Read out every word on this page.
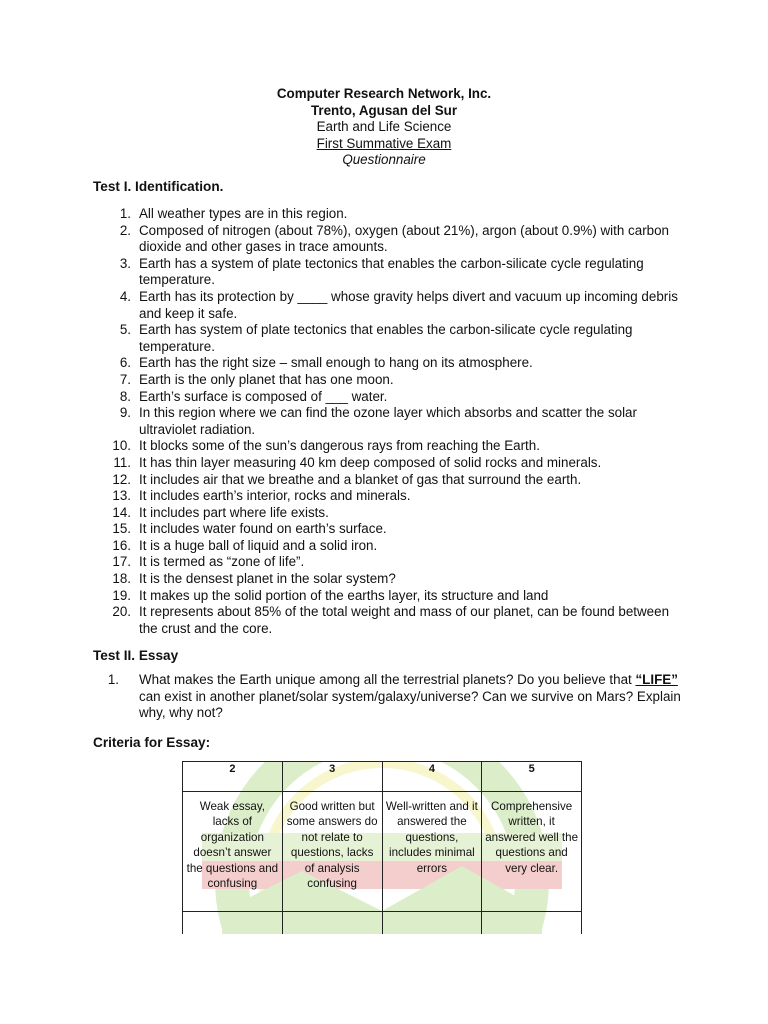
Computer Research Network, Inc.
Trento, Agusan del Sur
Earth and Life Science
First Summative Exam
Questionnaire
Test I. Identification.
1. All weather types are in this region.
2. Composed of nitrogen (about 78%), oxygen (about 21%), argon (about 0.9%) with carbon dioxide and other gases in trace amounts.
3. Earth has a system of plate tectonics that enables the carbon-silicate cycle regulating temperature.
4. Earth has its protection by ____ whose gravity helps divert and vacuum up incoming debris and keep it safe.
5. Earth has system of plate tectonics that enables the carbon-silicate cycle regulating temperature.
6. Earth has the right size – small enough to hang on its atmosphere.
7. Earth is the only planet that has one moon.
8. Earth’s surface is composed of ___ water.
9. In this region where we can find the ozone layer which absorbs and scatter the solar ultraviolet radiation.
10. It blocks some of the sun’s dangerous rays from reaching the Earth.
11. It has thin layer measuring 40 km deep composed of solid rocks and minerals.
12. It includes air that we breathe and a blanket of gas that surround the earth.
13. It includes earth’s interior, rocks and minerals.
14. It includes part where life exists.
15. It includes water found on earth’s surface.
16. It is a huge ball of liquid and a solid iron.
17. It is termed as “zone of life”.
18. It is the densest planet in the solar system?
19. It makes up the solid portion of the earths layer, its structure and land
20. It represents about 85% of the total weight and mass of our planet, can be found between the crust and the core.
Test II. Essay
1.	What makes the Earth unique among all the terrestrial planets? Do you believe that “LIFE” can exist in another planet/solar system/galaxy/universe? Can we survive on Mars? Explain why, why not?
Criteria for Essay:
2	3	4	5
Weak essay, lacks of organization doesn’t answer the questions and confusing	Good written but some answers do not relate to questions, lacks of analysis confusing	Well-written and it answered the questions, includes minimal errors	Comprehensive written, it answered well the questions and very clear.
